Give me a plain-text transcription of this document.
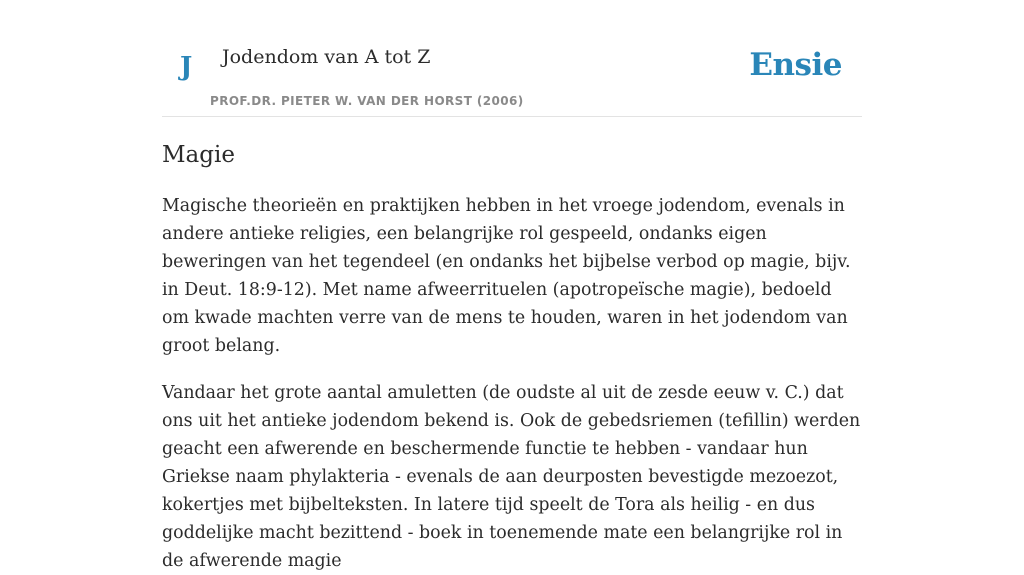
J Jodendom van A tot Z
PROF.DR. PIETER W. VAN DER HORST (2006)
Ensie
Magie

Magische theorieën en praktijken hebben in het vroege jodendom, evenals in andere antieke religies, een belangrijke rol gespeeld, ondanks eigen beweringen van het tegendeel (en ondanks het bijbelse verbod op magie, bijv. in Deut. 18:9-12). Met name afweerrituelen (apotropeïsche magie), bedoeld om kwade machten verre van de mens te houden, waren in het jodendom van groot belang.

Vandaar het grote aantal amuletten (de oudste al uit de zesde eeuw v. C.) dat ons uit het antieke jodendom bekend is. Ook de gebedsriemen (tefillin) werden geacht een afwerende en beschermende functie te hebben - vandaar hun Griekse naam phylakteria - evenals de aan deurposten bevestigde mezoezot, kokertjes met bijbelteksten. In latere tijd speelt de Tora als heilig - en dus goddelijke macht bezittend - boek in toenemende mate een belangrijke rol in de afwerende magie
